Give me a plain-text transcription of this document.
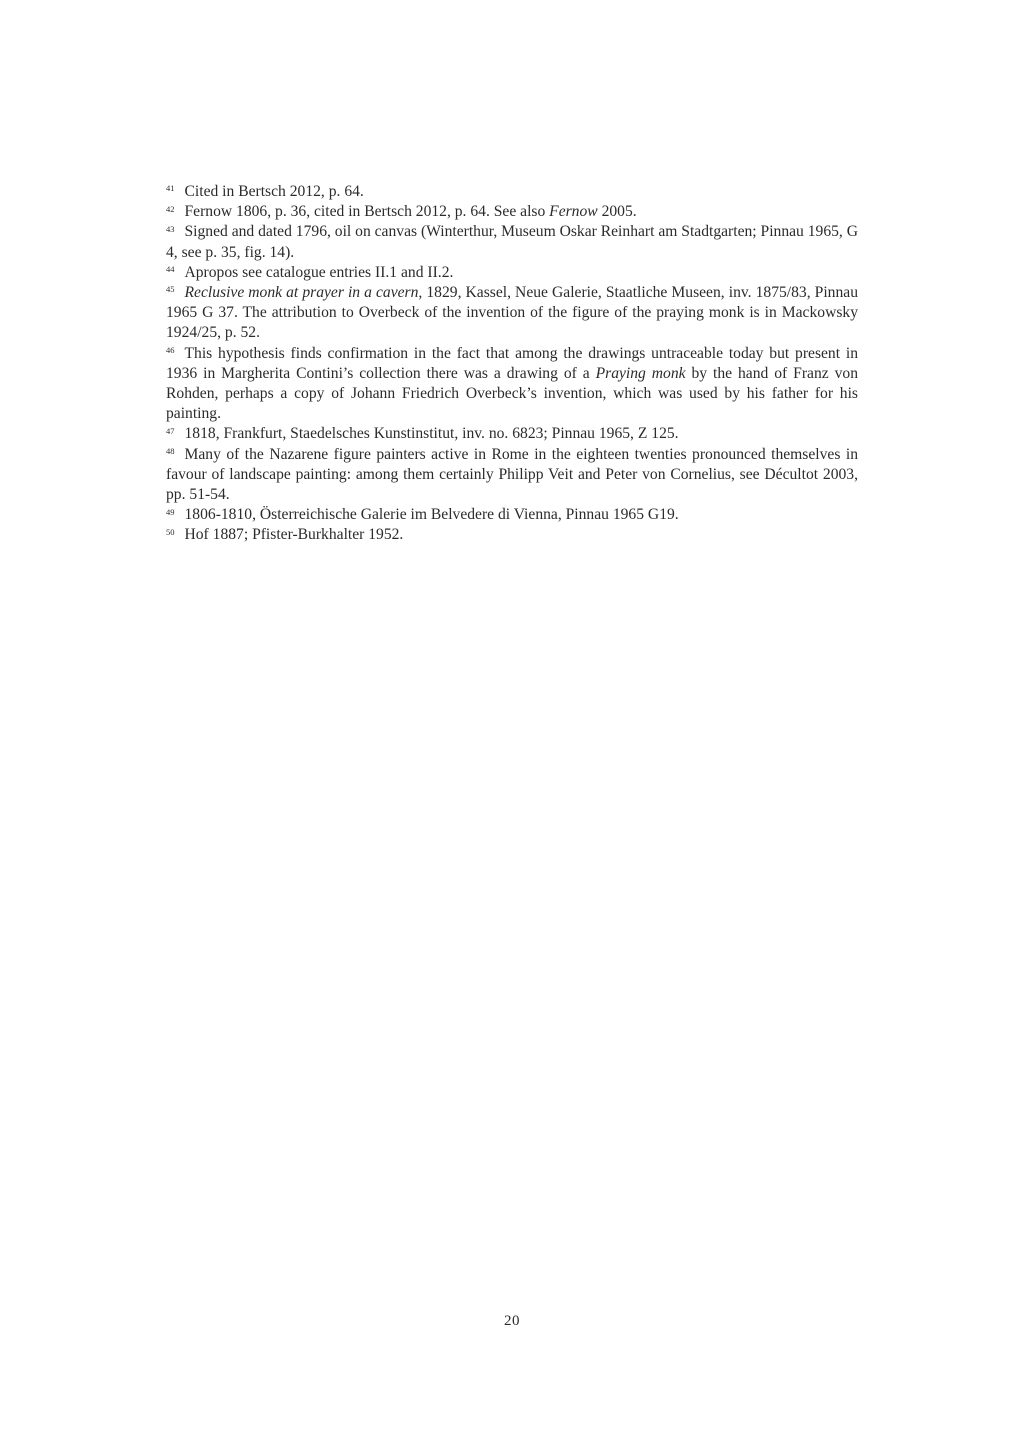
$^{41}$ Cited in Bertsch 2012, p. 64.

$^{42}$ Fernow 1806, p. 36, cited in Bertsch 2012, p. 64. See also Fernow 2005.

$^{43}$ Signed and dated 1796, oil on canvas (Winterthur, Museum Oskar Reinhart am Stadtgarten; Pinnau 1965, G 4, see p. 35, fig. 14).

$^{44}$ Apropos see catalogue entries II.1 and II.2.

$^{45}$ Reclusive monk at prayer in a cavern, 1829, Kassel, Neue Galerie, Staatliche Museen, inv. 1875/83, Pinnau 1965 G 37. The attribution to Overbeck of the invention of the figure of the praying monk is in Mackowsky 1924/25, p. 52.

$^{46}$ This hypothesis finds confirmation in the fact that among the drawings untraceable today but present in 1936 in Margherita Contini’s collection there was a drawing of a Praying monk by the hand of Franz von Rohden, perhaps a copy of Johann Friedrich Overbeck’s invention, which was used by his father for his painting.

$^{47}$ 1818, Frankfurt, Staedelsches Kunstinstitut, inv. no. 6823; Pinnau 1965, Z 125.

$^{48}$ Many of the Nazarene figure painters active in Rome in the eighteen twenties pronounced themselves in favour of landscape painting: among them certainly Philipp Veit and Peter von Cornelius, see Décultot 2003, pp. 51-54.

$^{49}$ 1806-1810, Österreichische Galerie im Belvedere di Vienna, Pinnau 1965 G19.

$^{50}$ Hof 1887; Pfister-Burkhalter 1952.

20
